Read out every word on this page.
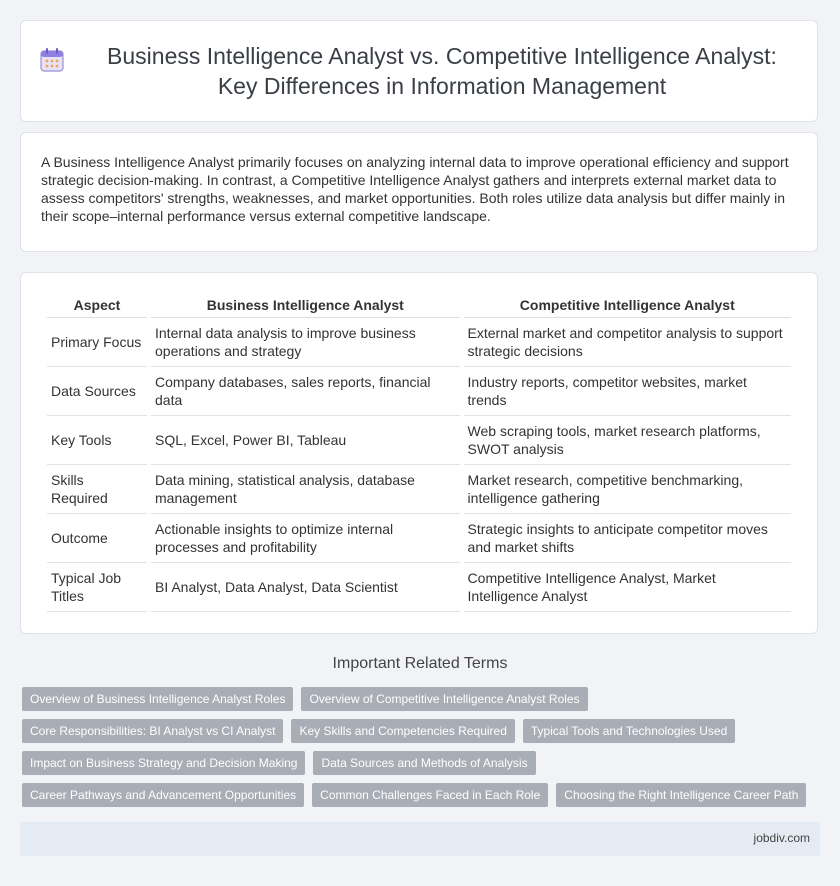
Business Intelligence Analyst vs. Competitive Intelligence Analyst: Key Differences in Information Management

A Business Intelligence Analyst primarily focuses on analyzing internal data to improve operational efficiency and support strategic decision-making. In contrast, a Competitive Intelligence Analyst gathers and interprets external market data to assess competitors' strengths, weaknesses, and market opportunities. Both roles utilize data analysis but differ mainly in their scope–internal performance versus external competitive landscape.

Aspect	Business Intelligence Analyst	Competitive Intelligence Analyst
Primary Focus	Internal data analysis to improve business operations and strategy	External market and competitor analysis to support strategic decisions
Data Sources	Company databases, sales reports, financial data	Industry reports, competitor websites, market trends
Key Tools	SQL, Excel, Power BI, Tableau	Web scraping tools, market research platforms, SWOT analysis
Skills Required	Data mining, statistical analysis, database management	Market research, competitive benchmarking, intelligence gathering
Outcome	Actionable insights to optimize internal processes and profitability	Strategic insights to anticipate competitor moves and market shifts
Typical Job Titles	BI Analyst, Data Analyst, Data Scientist	Competitive Intelligence Analyst, Market Intelligence Analyst
Important Related Terms
Overview of Business Intelligence Analyst Roles	Overview of Competitive Intelligence Analyst Roles
Core Responsibilities: BI Analyst vs CI Analyst	Key Skills and Competencies Required	Typical Tools and Technologies Used
Impact on Business Strategy and Decision Making	Data Sources and Methods of Analysis
Career Pathways and Advancement Opportunities	Common Challenges Faced in Each Role	Choosing the Right Intelligence Career Path
jobdiv.com
